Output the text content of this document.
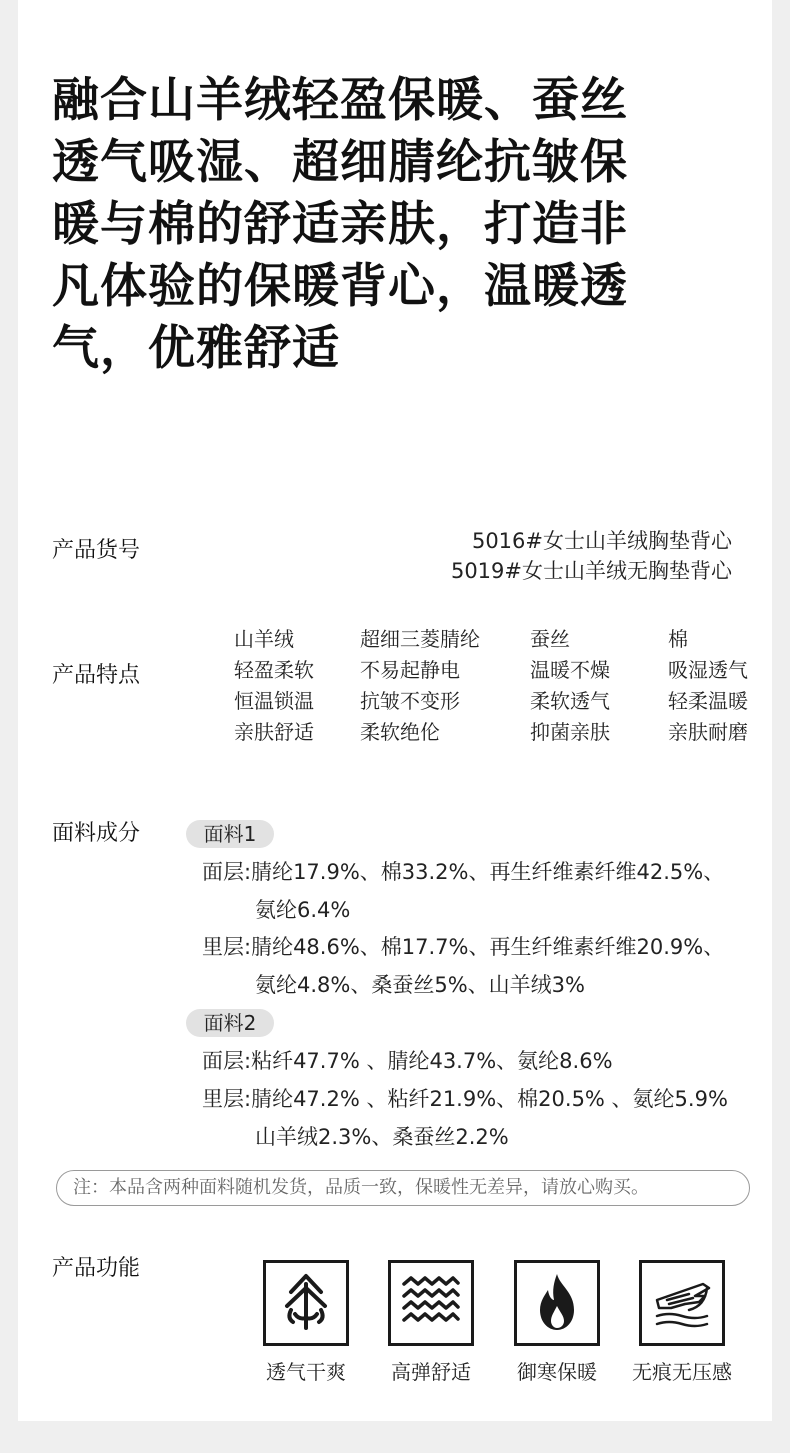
融合山羊绒轻盈保暖、蚕丝
透气吸湿、超细腈纶抗皱保
暖与棉的舒适亲肤，打造非
凡体验的保暖背心，温暖透
气，优雅舒适
产品货号	5016#女士山羊绒胸垫背心
5019#女士山羊绒无胸垫背心
产品特点
山羊绒	超细三菱腈纶	蚕丝	棉
轻盈柔软	不易起静电	温暖不燥	吸湿透气
恒温锁温	抗皱不变形	柔软透气	轻柔温暖
亲肤舒适	柔软绝伦	抑菌亲肤	亲肤耐磨
面料成分	面料1
面层:腈纶17.9%、棉33.2%、再生纤维素纤维42.5%、
氨纶6.4%
里层:腈纶48.6%、棉17.7%、再生纤维素纤维20.9%、
氨纶4.8%、桑蚕丝5%、山羊绒3%
面料2
面层:粘纤47.7% 、腈纶43.7%、氨纶8.6%
里层:腈纶47.2% 、粘纤21.9%、棉20.5% 、氨纶5.9%
山羊绒2.3%、桑蚕丝2.2%
注：本品含两种面料随机发货，品质一致，保暖性无差异，请放心购买。
产品功能
透气干爽	高弹舒适	御寒保暖	无痕无压感
